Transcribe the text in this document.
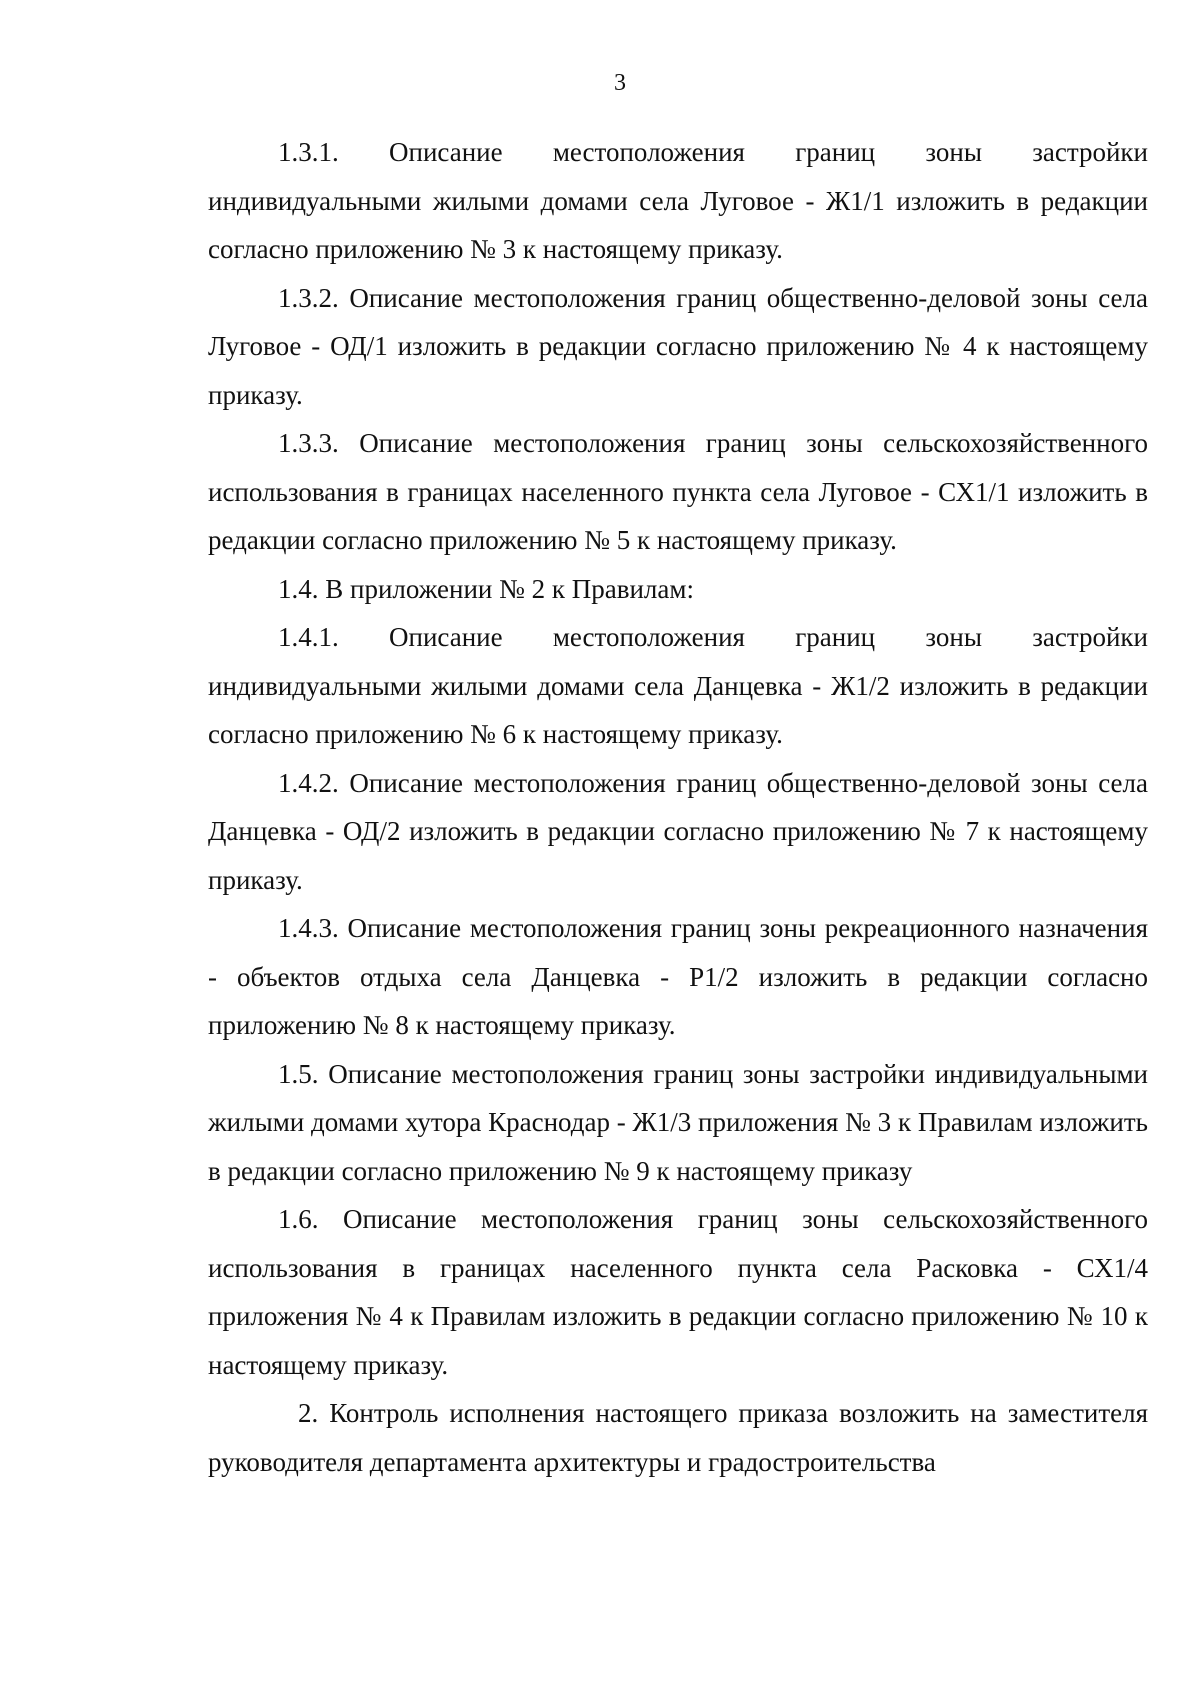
3

1.3.1. Описание местоположения границ зоны застройки индивидуальными жилыми домами села Луговое - Ж1/1 изложить в редакции согласно приложению № 3 к настоящему приказу.

1.3.2. Описание местоположения границ общественно-деловой зоны села Луговое - ОД/1 изложить в редакции согласно приложению № 4 к настоящему приказу.

1.3.3. Описание местоположения границ зоны сельскохозяйственного использования в границах населенного пункта села Луговое - СХ1/1 изложить в редакции согласно приложению № 5 к настоящему приказу.

1.4. В приложении № 2 к Правилам:

1.4.1. Описание местоположения границ зоны застройки индивидуальными жилыми домами села Данцевка - Ж1/2 изложить в редакции согласно приложению № 6 к настоящему приказу.

1.4.2. Описание местоположения границ общественно-деловой зоны села Данцевка - ОД/2 изложить в редакции согласно приложению № 7 к настоящему приказу.

1.4.3. Описание местоположения границ зоны рекреационного назначения - объектов отдыха села Данцевка - Р1/2 изложить в редакции согласно приложению № 8 к настоящему приказу.

1.5. Описание местоположения границ зоны застройки индивидуальными жилыми домами хутора Краснодар - Ж1/3 приложения № 3 к Правилам изложить в редакции согласно приложению № 9 к настоящему приказу

1.6. Описание местоположения границ зоны сельскохозяйственного использования в границах населенного пункта села Расковка - СХ1/4 приложения № 4 к Правилам изложить в редакции согласно приложению № 10 к настоящему приказу.

2. Контроль исполнения настоящего приказа возложить на заместителя руководителя департамента архитектуры и градостроительства
